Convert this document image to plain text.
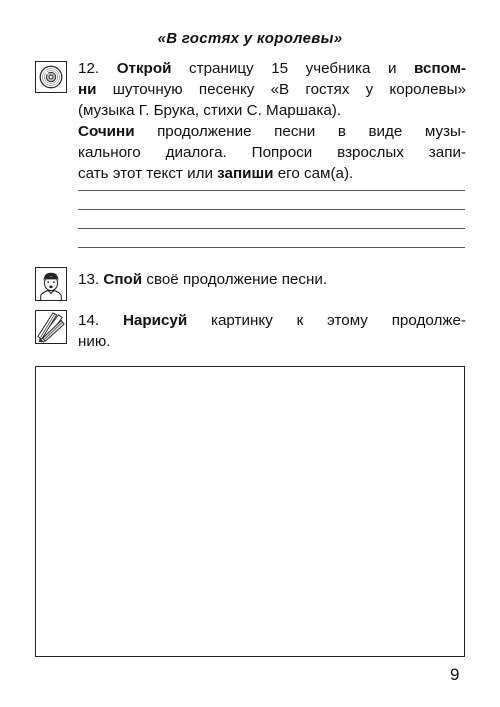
«В гостях у королевы»
12. Открой страницу 15 учебника и вспом-
ни шуточную песенку «В гостях у королевы»
(музыка Г. Брука, стихи С. Маршака).
Сочини продолжение песни в виде музы-
кального диалога. Попроси взрослых запи-
сать этот текст или запиши его сам(а).
13. Спой своё продолжение песни.
14. Нарисуй картинку к этому продолже-
нию.
9
